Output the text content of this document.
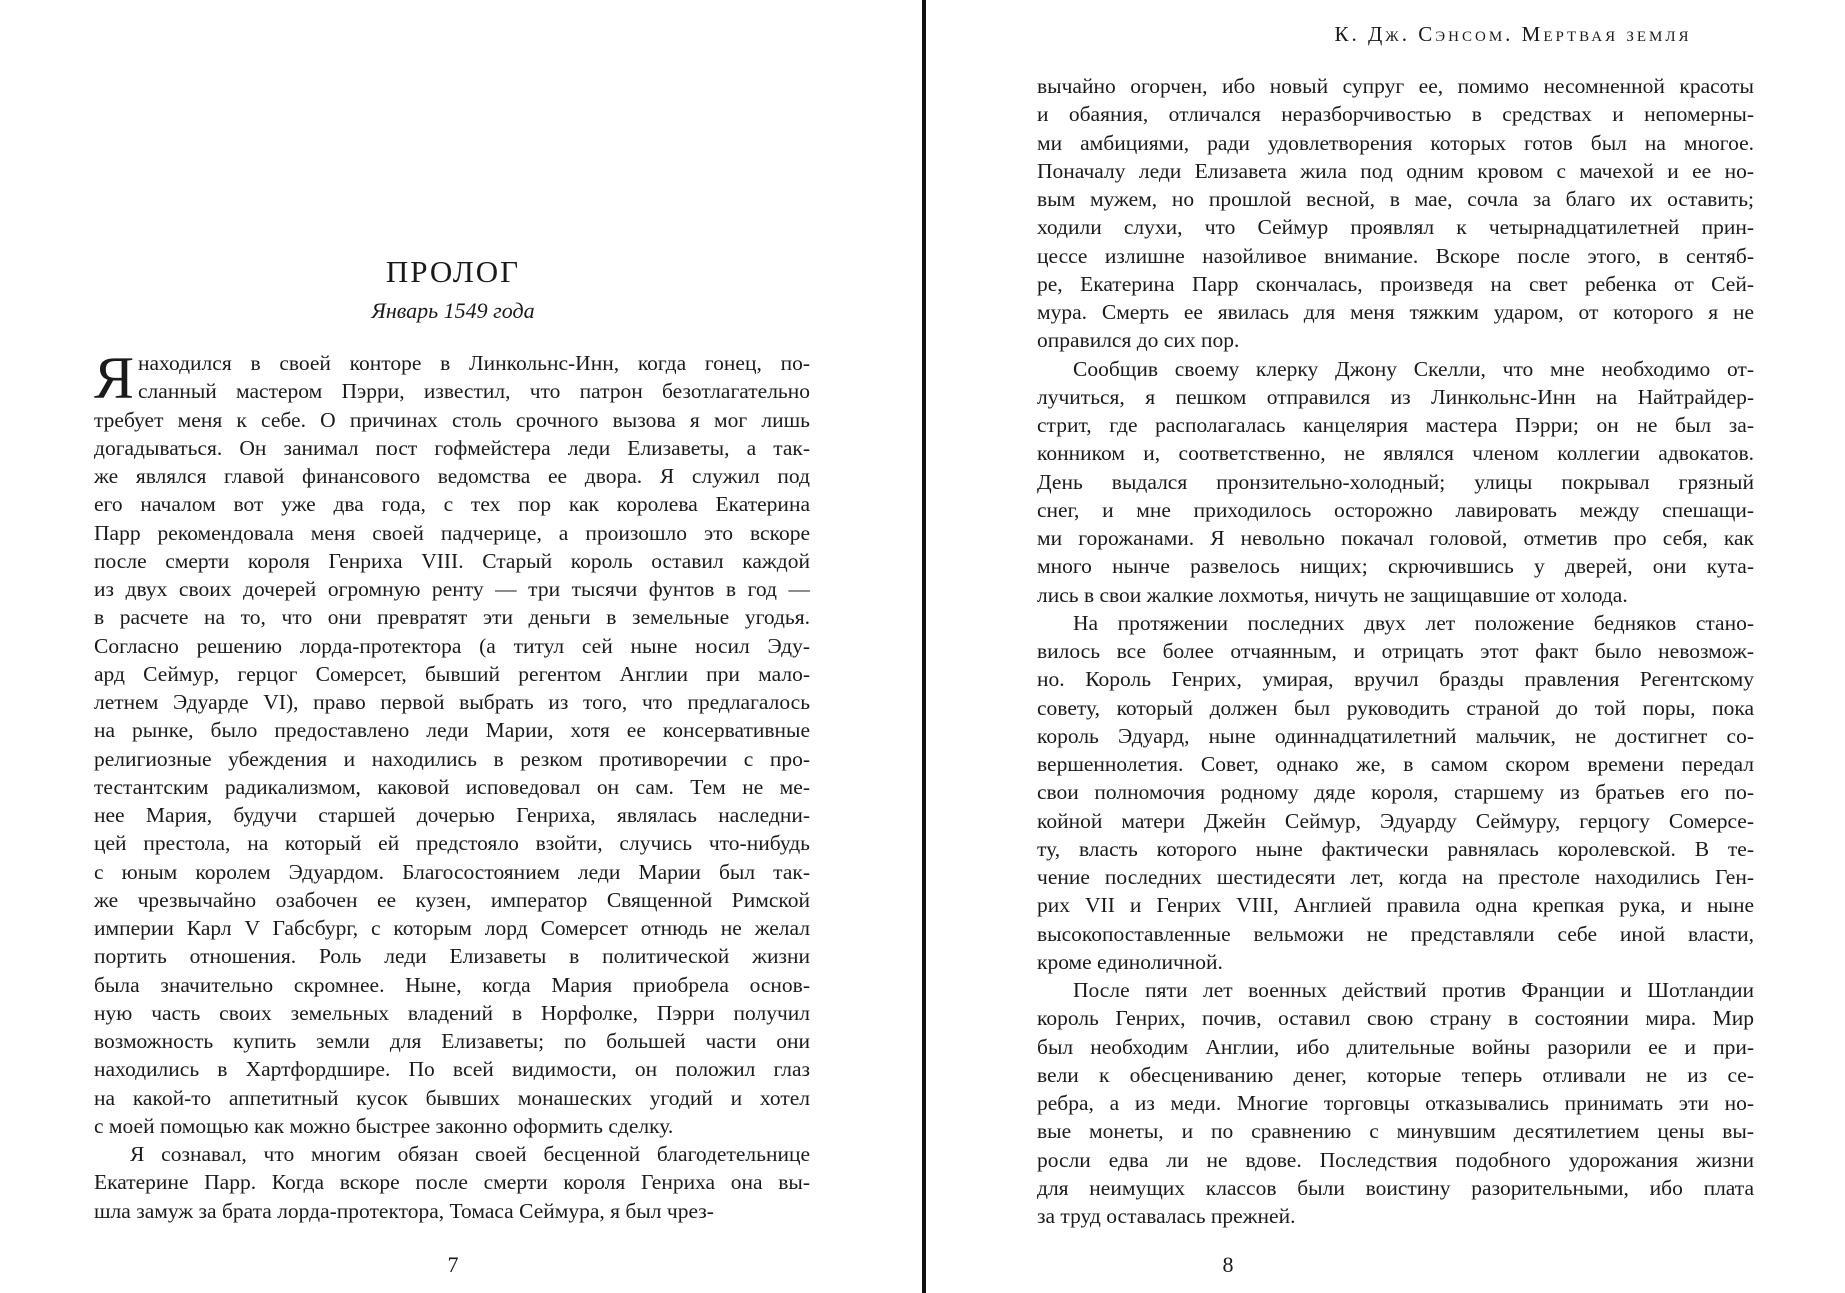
ПРОЛОГ
Январь 1549 года
Я находился в своей конторе в Линкольнс-Инн, когда гонец, по-
сланный мастером Пэрри, известил, что патрон безотлагательно
требует меня к себе. О причинах столь срочного вызова я мог лишь
догадываться. Он занимал пост гофмейстера леди Елизаветы, а так-
же являлся главой финансового ведомства ее двора. Я служил под
его началом вот уже два года, с тех пор как королева Екатерина
Парр рекомендовала меня своей падчерице, а произошло это вскоре
после смерти короля Генриха VIII. Старый король оставил каждой
из двух своих дочерей огромную ренту — три тысячи фунтов в год —
в расчете на то, что они превратят эти деньги в земельные угодья.
Согласно решению лорда-протектора (а титул сей ныне носил Эду-
ард Сеймур, герцог Сомерсет, бывший регентом Англии при мало-
летнем Эдуарде VI), право первой выбрать из того, что предлагалось
на рынке, было предоставлено леди Марии, хотя ее консервативные
религиозные убеждения и находились в резком противоречии с про-
тестантским радикализмом, каковой исповедовал он сам. Тем не ме-
нее Мария, будучи старшей дочерью Генриха, являлась наследни-
цей престола, на который ей предстояло взойти, случись что-нибудь
с юным королем Эдуардом. Благосостоянием леди Марии был так-
же чрезвычайно озабочен ее кузен, император Священной Римской
империи Карл V Габсбург, с которым лорд Сомерсет отнюдь не желал
портить отношения. Роль леди Елизаветы в политической жизни
была значительно скромнее. Ныне, когда Мария приобрела основ-
ную часть своих земельных владений в Норфолке, Пэрри получил
возможность купить земли для Елизаветы; по большей части они
находились в Хартфордшире. По всей видимости, он положил глаз
на какой-то аппетитный кусок бывших монашеских угодий и хотел
с моей помощью как можно быстрее законно оформить сделку.
Я сознавал, что многим обязан своей бесценной благодетельнице
Екатерине Парр. Когда вскоре после смерти короля Генриха она вы-
шла замуж за брата лорда-протектора, Томаса Сеймура, я был чрез-
7
К. Дж. Сэнсом. Мертвая земля
вычайно огорчен, ибо новый супруг ее, помимо несомненной красоты
и обаяния, отличался неразборчивостью в средствах и непомерны-
ми амбициями, ради удовлетворения которых готов был на многое.
Поначалу леди Елизавета жила под одним кровом с мачехой и ее но-
вым мужем, но прошлой весной, в мае, сочла за благо их оставить;
ходили слухи, что Сеймур проявлял к четырнадцатилетней прин-
цессе излишне назойливое внимание. Вскоре после этого, в сентяб-
ре, Екатерина Парр скончалась, произведя на свет ребенка от Сей-
мура. Смерть ее явилась для меня тяжким ударом, от которого я не
оправился до сих пор.
Сообщив своему клерку Джону Скелли, что мне необходимо от-
лучиться, я пешком отправился из Линкольнс-Инн на Найтрайдер-
стрит, где располагалась канцелярия мастера Пэрри; он не был за-
конником и, соответственно, не являлся членом коллегии адвокатов.
День выдался пронзительно-холодный; улицы покрывал грязный
снег, и мне приходилось осторожно лавировать между спешащи-
ми горожанами. Я невольно покачал головой, отметив про себя, как
много нынче развелось нищих; скрючившись у дверей, они кута-
лись в свои жалкие лохмотья, ничуть не защищавшие от холода.
На протяжении последних двух лет положение бедняков стано-
вилось все более отчаянным, и отрицать этот факт было невозмож-
но. Король Генрих, умирая, вручил бразды правления Регентскому
совету, который должен был руководить страной до той поры, пока
король Эдуард, ныне одиннадцатилетний мальчик, не достигнет со-
вершеннолетия. Совет, однако же, в самом скором времени передал
свои полномочия родному дяде короля, старшему из братьев его по-
койной матери Джейн Сеймур, Эдуарду Сеймуру, герцогу Сомерсе-
ту, власть которого ныне фактически равнялась королевской. В те-
чение последних шестидесяти лет, когда на престоле находились Ген-
рих VII и Генрих VIII, Англией правила одна крепкая рука, и ныне
высокопоставленные вельможи не представляли себе иной власти,
кроме единоличной.
После пяти лет военных действий против Франции и Шотландии
король Генрих, почив, оставил свою страну в состоянии мира. Мир
был необходим Англии, ибо длительные войны разорили ее и при-
вели к обесцениванию денег, которые теперь отливали не из се-
ребра, а из меди. Многие торговцы отказывались принимать эти но-
вые монеты, и по сравнению с минувшим десятилетием цены вы-
росли едва ли не вдове. Последствия подобного удорожания жизни
для неимущих классов были воистину разорительными, ибо плата
за труд оставалась прежней.
8
